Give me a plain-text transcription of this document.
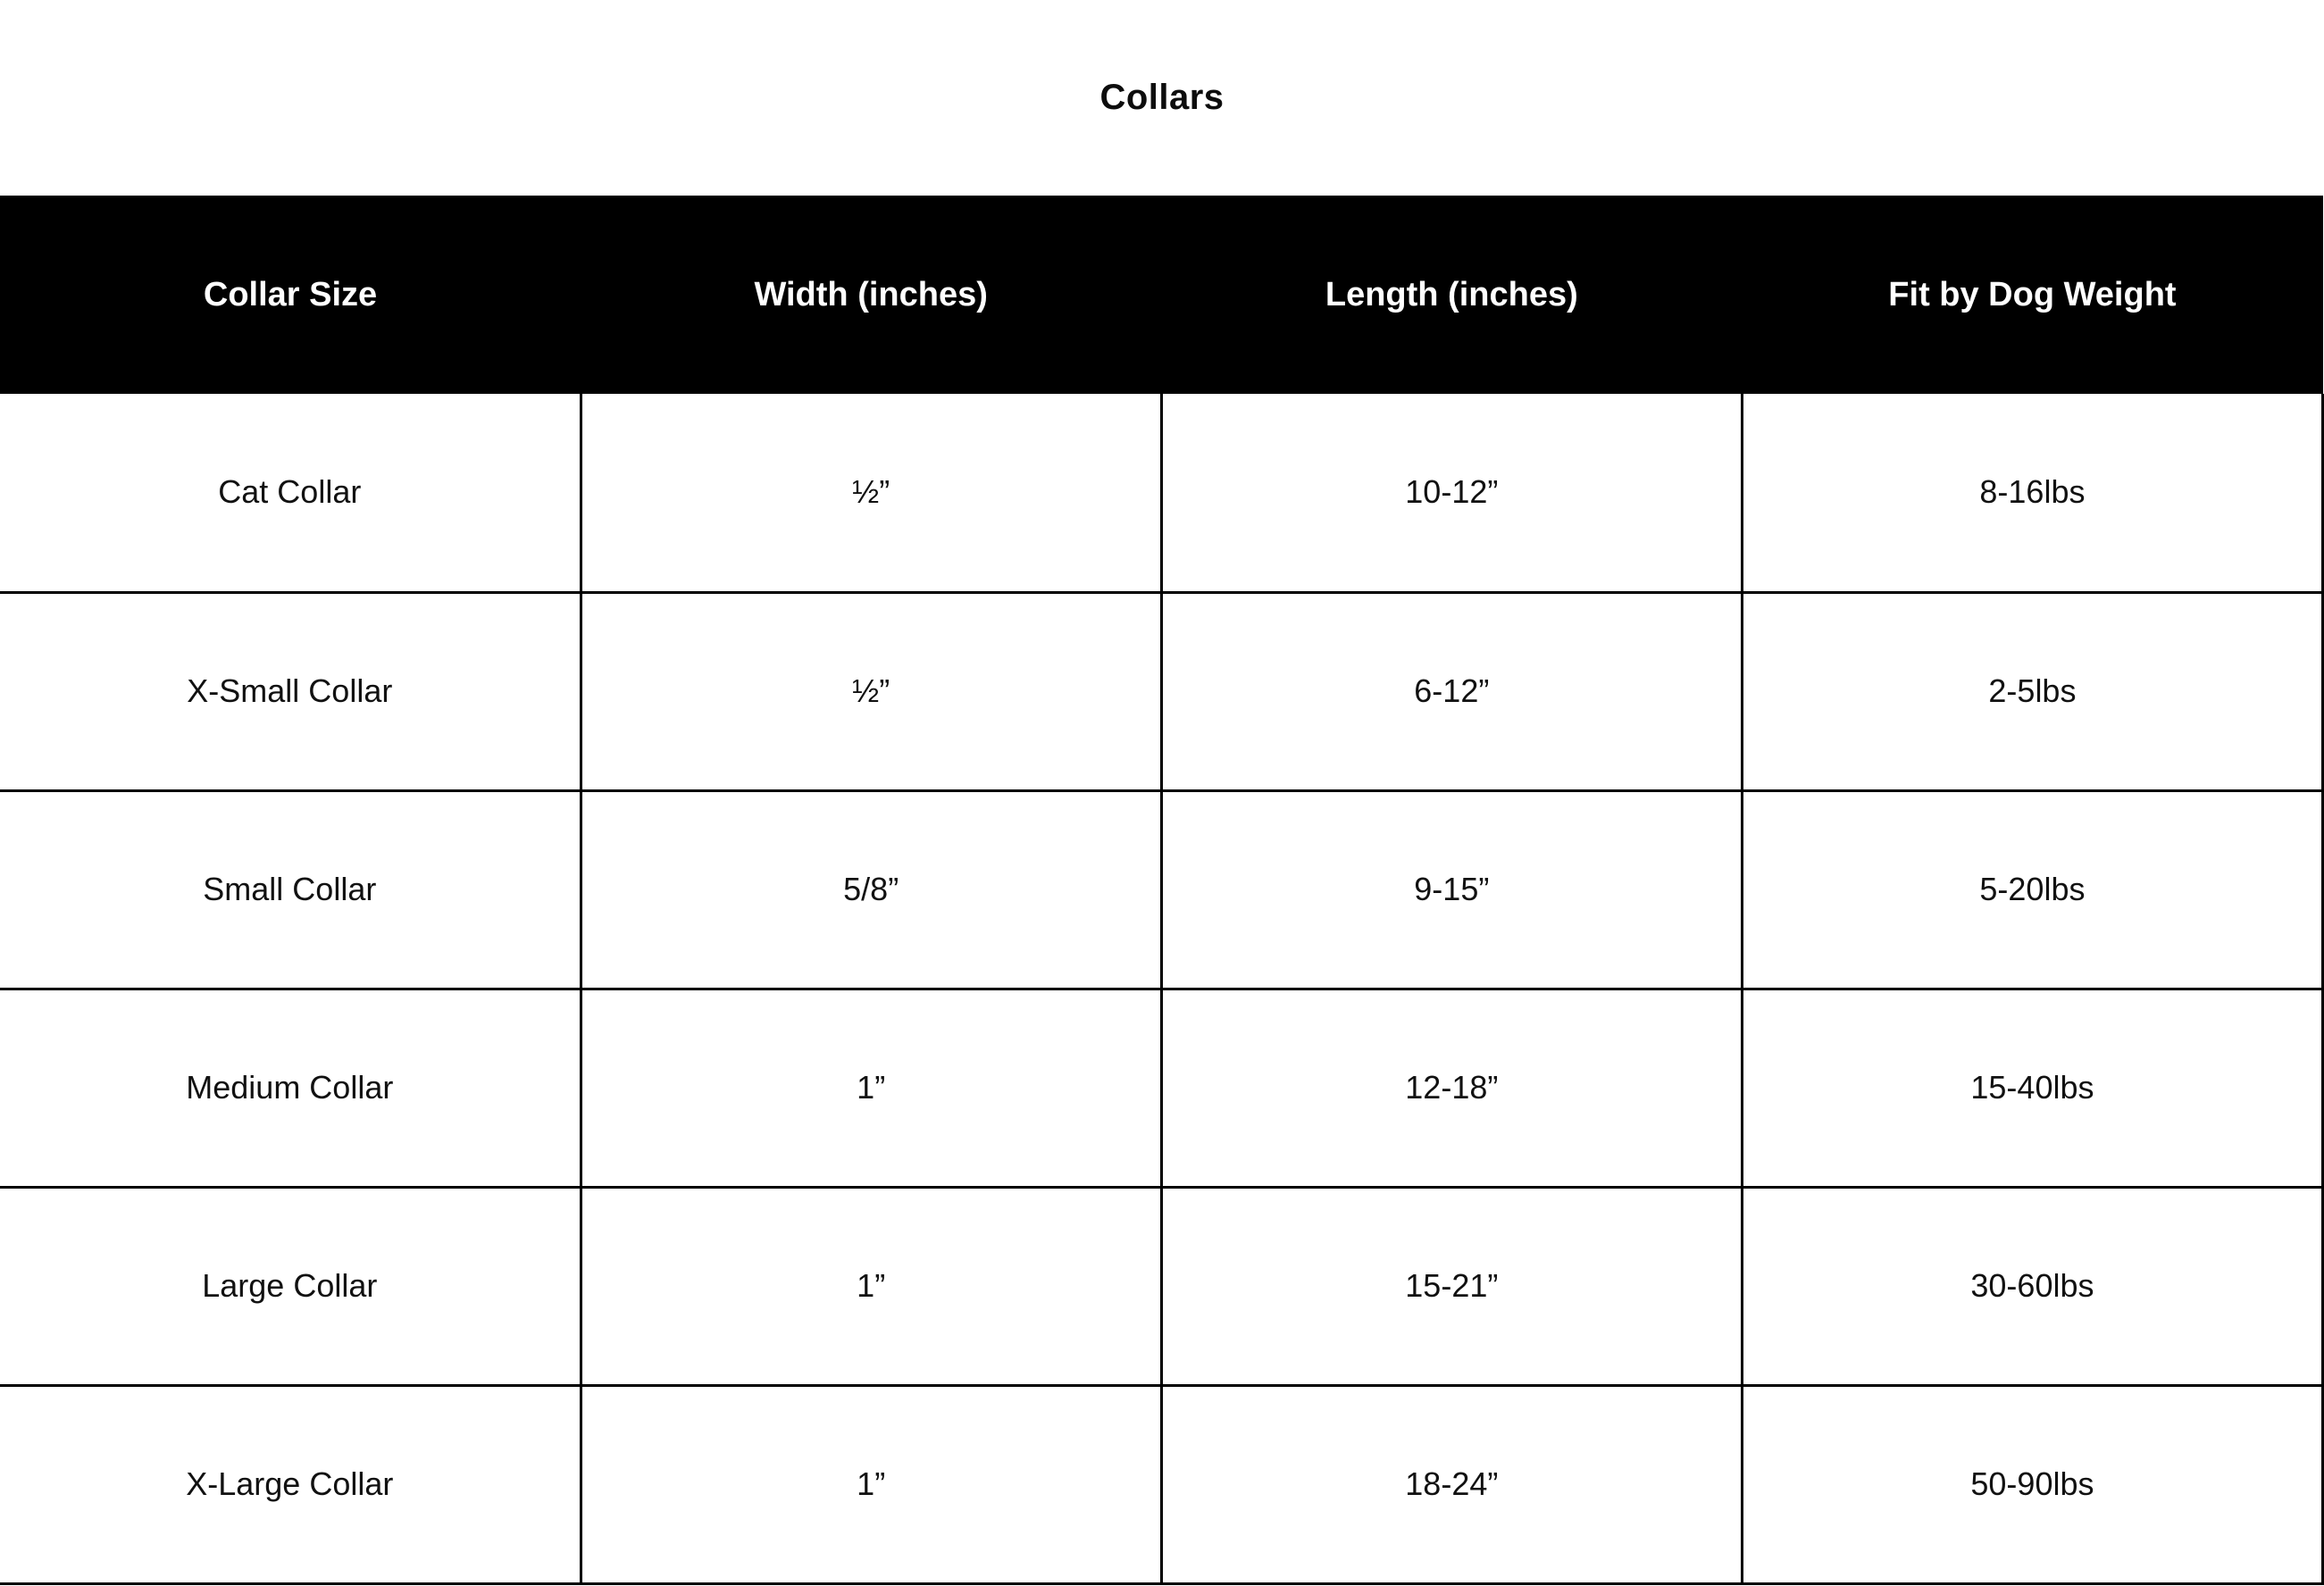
Collars
Collar Size	Width (inches)	Length (inches)	Fit by Dog Weight
Cat Collar	½”	10-12”	8-16lbs
X-Small Collar	½”	6-12”	2-5lbs
Small Collar	5/8”	9-15”	5-20lbs
Medium Collar	1”	12-18”	15-40lbs
Large Collar	1”	15-21”	30-60lbs
X-Large Collar	1”	18-24”	50-90lbs
